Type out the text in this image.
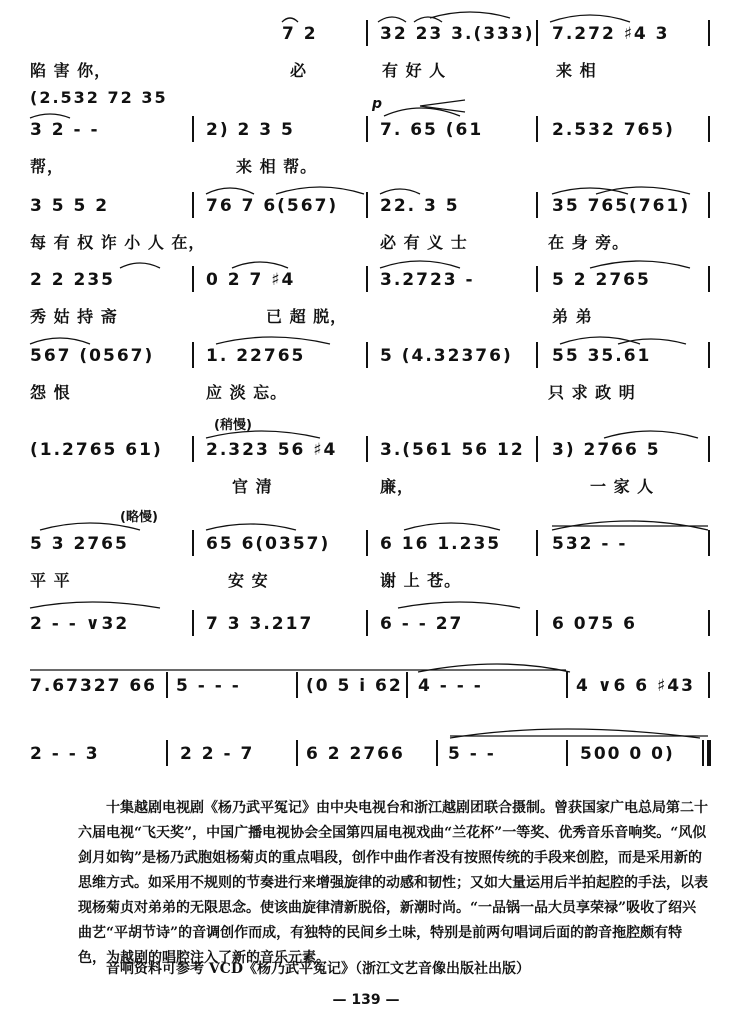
7 2	32 23 3.(333) 7.272 ♯4 3
陷 害 你，	必	有 好 人	来 相
(2.532 72 35
3 2 - -	2) 2 3 5
p
7. 65 (61	2.532 765)
帮，	来 相 帮。
3 5 5 2	76 7 6(567) 22. 3 5	35 765(761)
每 有 权 诈 小 人 在，	必 有 义 士	在 身 旁。
2 2 235	0 2 7 ♯4	3.2723 -	5 2 2765
秀 姑 持 斋	已 超 脱，	弟 弟
567 (0567)	1. 22765	5 (4.32376) 55 35.61
怨 恨	应 淡 忘。	只 求 政 明
(稍慢)
(1.2765 61)	2.323 56 ♯4	3.(561 56 12 3) 2766 5
官 清	廉，	一 家 人
(略慢)
5 3 2765	65 6(0357)	6 16 1.235	532 - -
平 平	安 安	谢 上 苍。
2 - - ∨32	7 3 3.217	6 - - 27	6 075 6
7.67327 66 5 - - -	(0 5 i 62 4 - - -	4 ∨6 6 ♯43
2 - - 3	2 2 - 7	6 2 2766	5 - -	500 0 0)
十集越剧电视剧《杨乃武平冤记》由中央电视台和浙江越剧团联合摄制。曾获国家广电总局第二十六届电视“飞天奖”，中国广播电视协会全国第四届电视戏曲“兰花杯”一等奖、优秀音乐音响奖。“风似剑月如钩”是杨乃武胞姐杨菊贞的重点唱段，创作中曲作者没有按照传统的手段来创腔，而是采用新的思维方式。如采用不规则的节奏进行来增强旋律的动感和韧性；又如大量运用后半拍起腔的手法，以表现杨菊贞对弟弟的无限思念。使该曲旋律清新脱俗，新潮时尚。“一品锅一品大员享荣禄”吸收了绍兴曲艺“平胡节诗”的音调创作而成，有独特的民间乡土味，特别是前两句唱词后面的韵音拖腔颇有特色，为越剧的唱腔注入了新的音乐元素。
音响资料可参考 VCD《杨乃武平冤记》（浙江文艺音像出版社出版）
— 139 —
